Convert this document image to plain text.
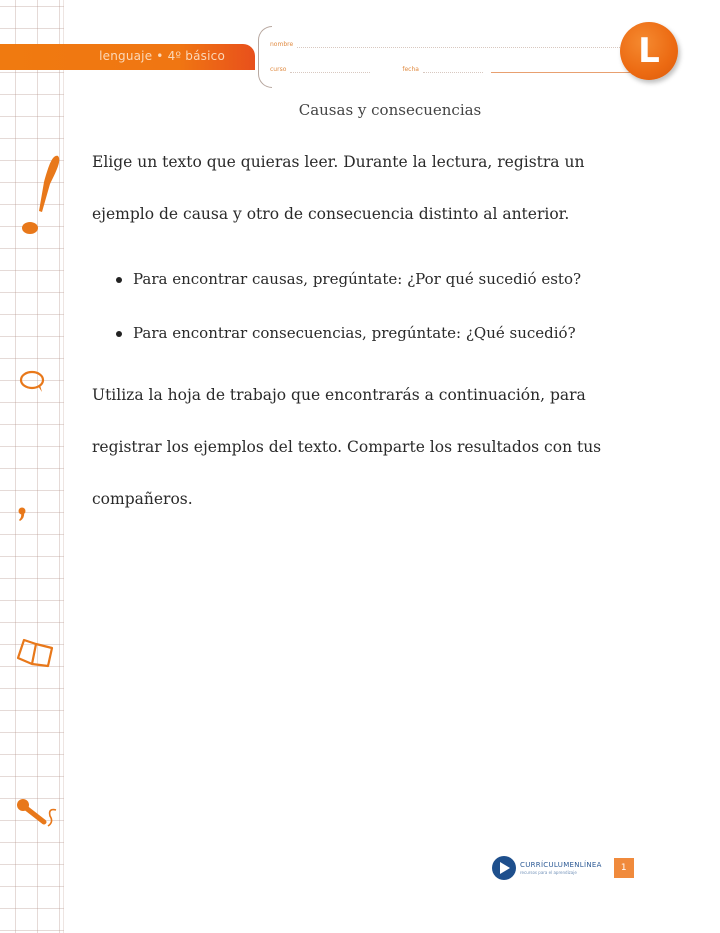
lenguaje • 4º básico
nombre
curso	fecha	L
Causas y consecuencias
Elige un texto que quieras leer. Durante la lectura, registra un
ejemplo de causa y otro de consecuencia distinto al anterior.
Para encontrar causas, pregúntate: ¿Por qué sucedió esto?
Para encontrar consecuencias, pregúntate: ¿Qué sucedió?
Utiliza la hoja de trabajo que encontrarás a continuación, para
registrar los ejemplos del texto. Comparte los resultados con tus
compañeros.
CURRÍCULUMENLÍNEA
recursos para el aprendizaje	1
